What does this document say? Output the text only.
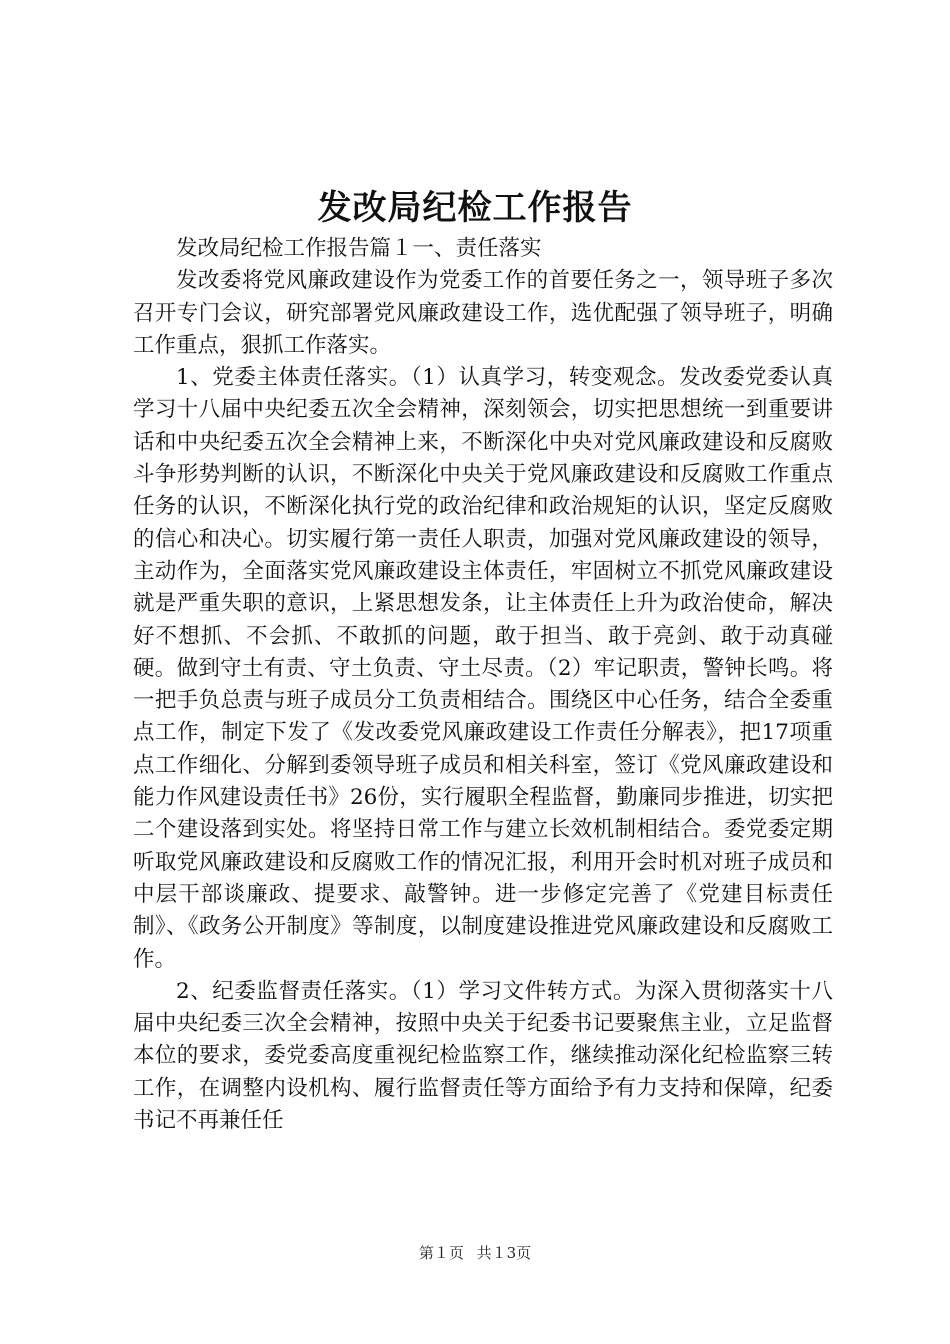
发改局纪检工作报告

发改局纪检工作报告篇１一、责任落实

发改委将党风廉政建设作为党委工作的首要任务之一，领导班子多次召开专门会议，研究部署党风廉政建设工作，选优配强了领导班子，明确工作重点，狠抓工作落实。

1、党委主体责任落实。（1）认真学习，转变观念。发改委党委认真学习十八届中央纪委五次全会精神，深刻领会，切实把思想统一到重要讲话和中央纪委五次全会精神上来，不断深化中央对党风廉政建设和反腐败斗争形势判断的认识，不断深化中央关于党风廉政建设和反腐败工作重点任务的认识，不断深化执行党的政治纪律和政治规矩的认识，坚定反腐败的信心和决心。切实履行第一责任人职责，加强对党风廉政建设的领导，主动作为，全面落实党风廉政建设主体责任，牢固树立不抓党风廉政建设就是严重失职的意识，上紧思想发条，让主体责任上升为政治使命，解决好不想抓、不会抓、不敢抓的问题，敢于担当、敢于亮剑、敢于动真碰硬。做到守土有责、守土负责、守土尽责。（2）牢记职责，警钟长鸣。将一把手负总责与班子成员分工负责相结合。围绕区中心任务，结合全委重点工作，制定下发了《发改委党风廉政建设工作责任分解表》，把17项重点工作细化、分解到委领导班子成员和相关科室，签订《党风廉政建设和能力作风建设责任书》26份，实行履职全程监督，勤廉同步推进，切实把二个建设落到实处。将坚持日常工作与建立长效机制相结合。委党委定期听取党风廉政建设和反腐败工作的情况汇报，利用开会时机对班子成员和中层干部谈廉政、提要求、敲警钟。进一步修定完善了《党建目标责任制》、《政务公开制度》等制度，以制度建设推进党风廉政建设和反腐败工作。

2、纪委监督责任落实。（1）学习文件转方式。为深入贯彻落实十八届中央纪委三次全会精神，按照中央关于纪委书记要聚焦主业，立足监督本位的要求，委党委高度重视纪检监察工作，继续推动深化纪检监察三转工作，在调整内设机构、履行监督责任等方面给予有力支持和保障，纪委书记不再兼任任

第１页 共１3页
